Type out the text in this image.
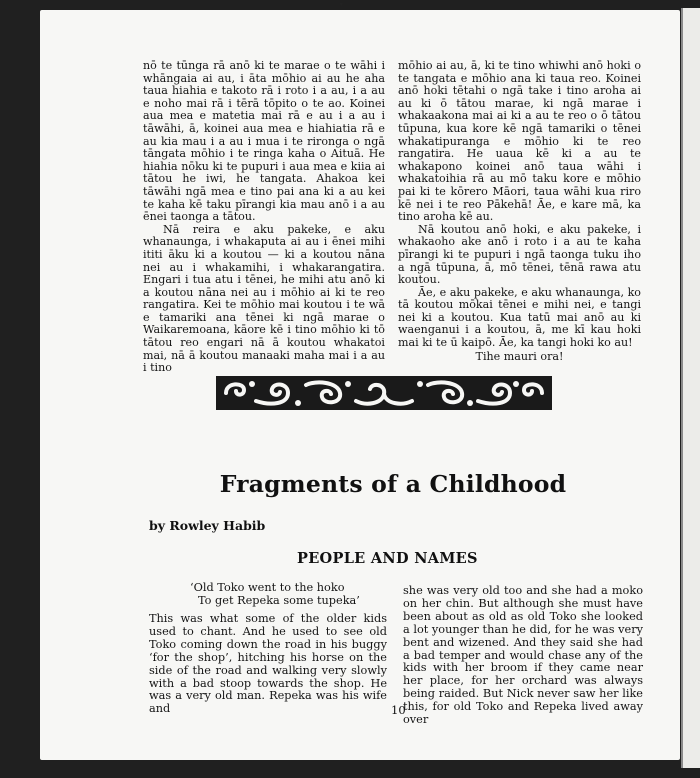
▾

nō te tūnga rā anō ki te marae o te wāhi i whāngaia ai au, i āta mōhio ai au he aha taua hiahia e takoto rā i roto i a au, i a au e noho mai rā i tērā tōpito o te ao. Koinei aua mea e matetia mai rā e au i a au i tāwāhi, ā, koinei aua mea e hiahiatia rā e au kia mau i a au i mua i te rironga o ngā tāngata mōhio i te ringa kaha o Aituā. He hiahia nōku ki te pupuri i aua mea e kiia ai tātou he iwi, he tangata. Ahakoa kei tāwāhi ngā mea e tino pai ana ki a au kei te kaha kē taku pīrangi kia mau anō i a au ēnei taonga a tātou.

Nā reira e aku pakeke, e aku whanaunga, i whakaputa ai au i ēnei mihi ititi āku ki a koutou — ki a koutou nāna nei au i whakamihi, i whakarangatira. Engari i tua atu i tēnei, he mihi atu anō ki a koutou nāna nei au i mōhio ai ki te reo rangatira. Kei te mōhio mai koutou i te wā e tamariki ana tēnei ki ngā marae o Waikaremoana, kāore kē i tino mōhio ki tō tātou reo engari nā ā koutou whakatoi mai, nā ā koutou manaaki maha mai i a au i tino

mōhio ai au, ā, ki te tino whiwhi anō hoki o te tangata e mōhio ana ki taua reo. Koinei anō hoki tētahi o ngā take i tino aroha ai au ki ō tātou marae, ki ngā marae i whakaakona mai ai ki a au te reo o ō tātou tūpuna, kua kore kē ngā tamariki o tēnei whakatipuranga e mōhio ki te reo rangatira. He uaua kē ki a au te whakapono koinei anō taua wāhi i whakatoihia rā au mō taku kore e mōhio pai ki te kōrero Māori, taua wāhi kua riro kē nei i te reo Pākehā! Āe, e kare mā, ka tino aroha kē au.

Nā koutou anō hoki, e aku pakeke, i whakaoho ake anō i roto i a au te kaha pīrangi ki te pupuri i ngā taonga tuku iho a ngā tūpuna, ā, mō tēnei, tēnā rawa atu koutou.

Āe, e aku pakeke, e aku whanaunga, ko tā koutou mōkai tēnei e mihi nei, e tangi nei ki a koutou. Kua tatū mai anō au ki waenganui i a koutou, ā, me kī kau hoki mai ki te ū kaipō. Āe, ka tangi hoki ko au!

Tihe mauri ora!

Fragments of a Childhood
by Rowley Habib
PEOPLE AND NAMES
‘Old Toko went to the hoko
To get Repeka some tupeka’

This was what some of the older kids used to chant. And he used to see old Toko coming down the road in his buggy ‘for the shop’, hitching his horse on the side of the road and walking very slowly with a bad stoop towards the shop. He was a very old man. Repeka was his wife and

she was very old too and she had a moko on her chin. But although she must have been about as old as old Toko she looked a lot younger than he did, for he was very bent and wizened. And they said she had a bad temper and would chase any of the kids with her broom if they came near her place, for her orchard was always being raided. But Nick never saw her like this, for old Toko and Repeka lived away over

10
